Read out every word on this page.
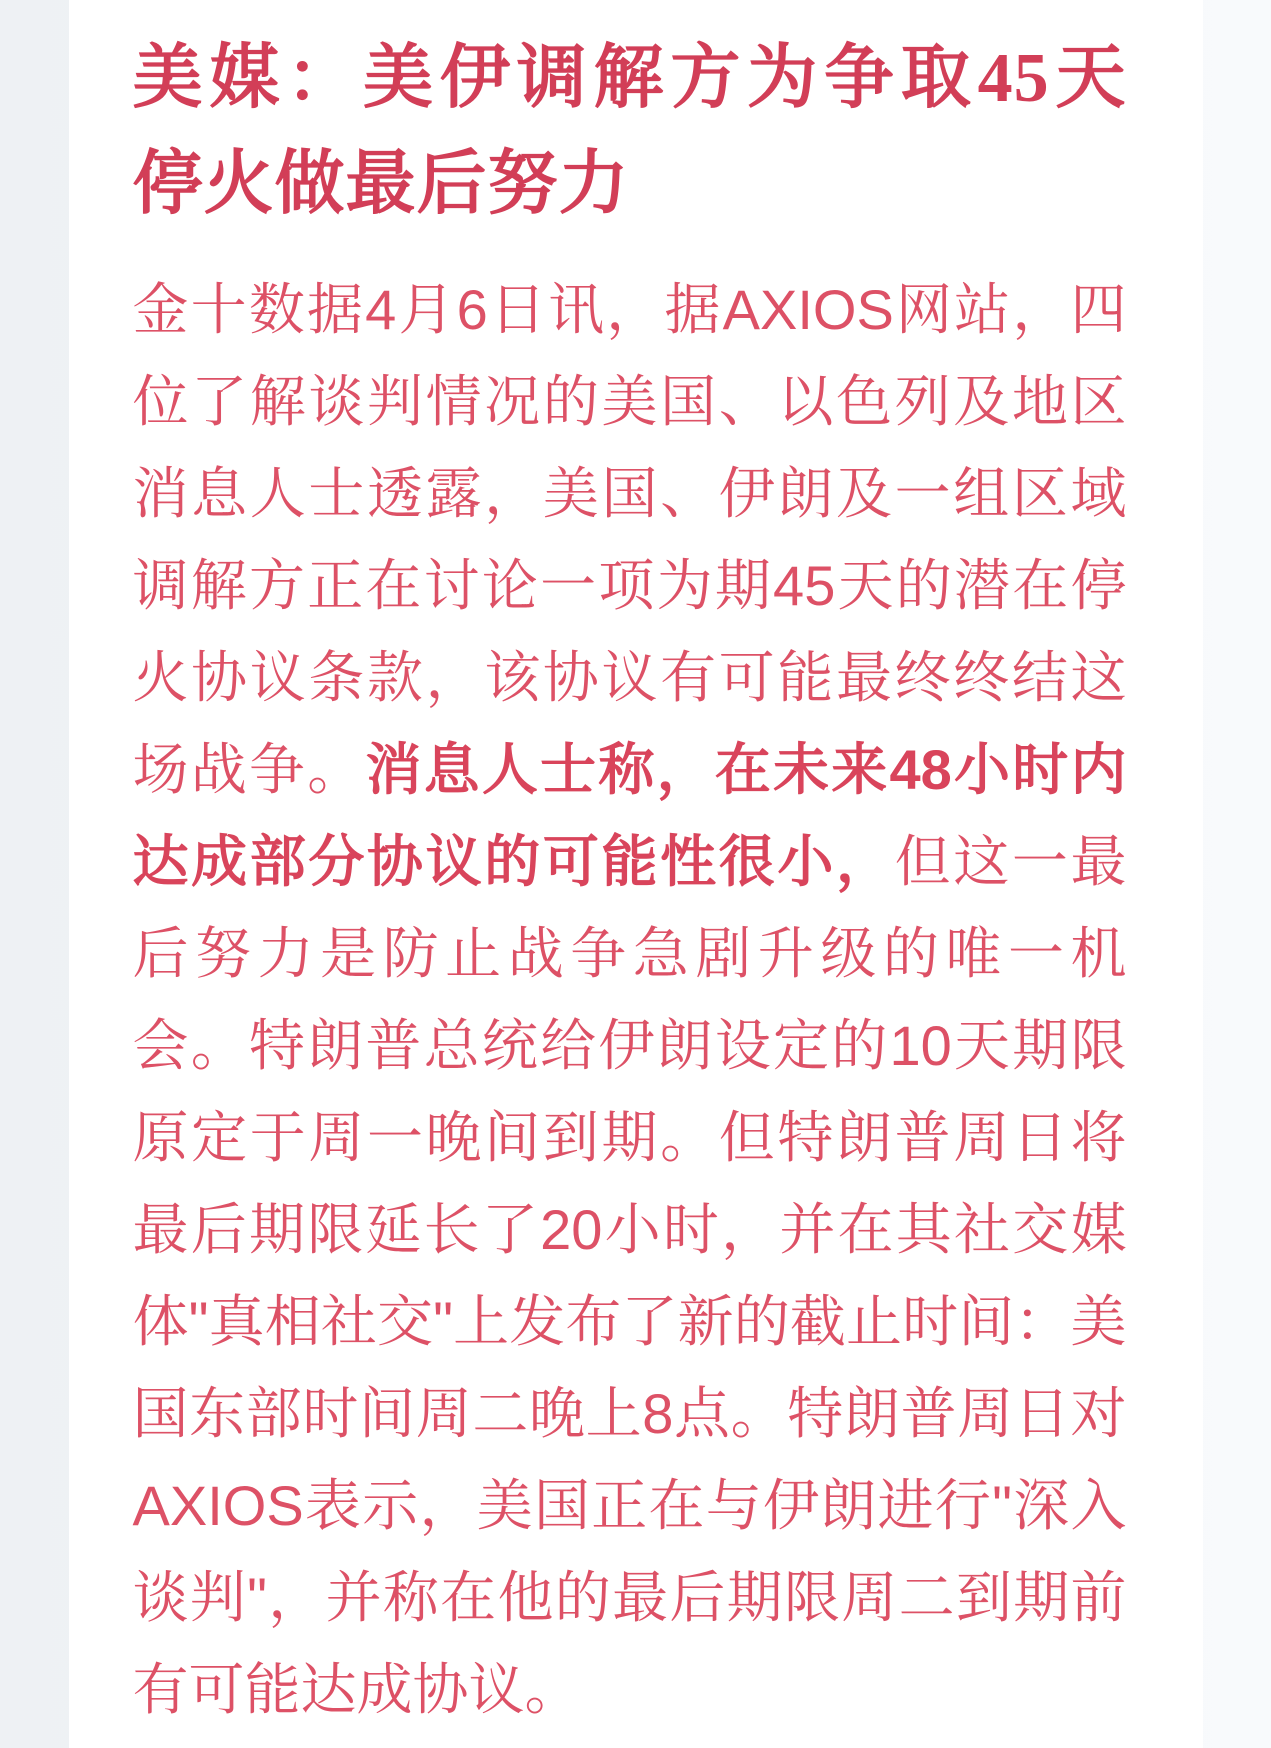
美媒：美伊调解方为争取45天停火做最后努力

金十数据4月6日讯，据AXIOS网站，四位了解谈判情况的美国、以色列及地区消息人士透露，美国、伊朗及一组区域调解方正在讨论一项为期45天的潜在停火协议条款，该协议有可能最终终结这场战争。消息人士称，在未来48小时内达成部分协议的可能性很小，但这一最后努力是防止战争急剧升级的唯一机会。特朗普总统给伊朗设定的10天期限原定于周一晚间到期。但特朗普周日将最后期限延长了20小时，并在其社交媒体"真相社交"上发布了新的截止时间：美国东部时间周二晚上8点。特朗普周日对AXIOS表示，美国正在与伊朗进行"深入谈判"，并称在他的最后期限周二到期前有可能达成协议。
